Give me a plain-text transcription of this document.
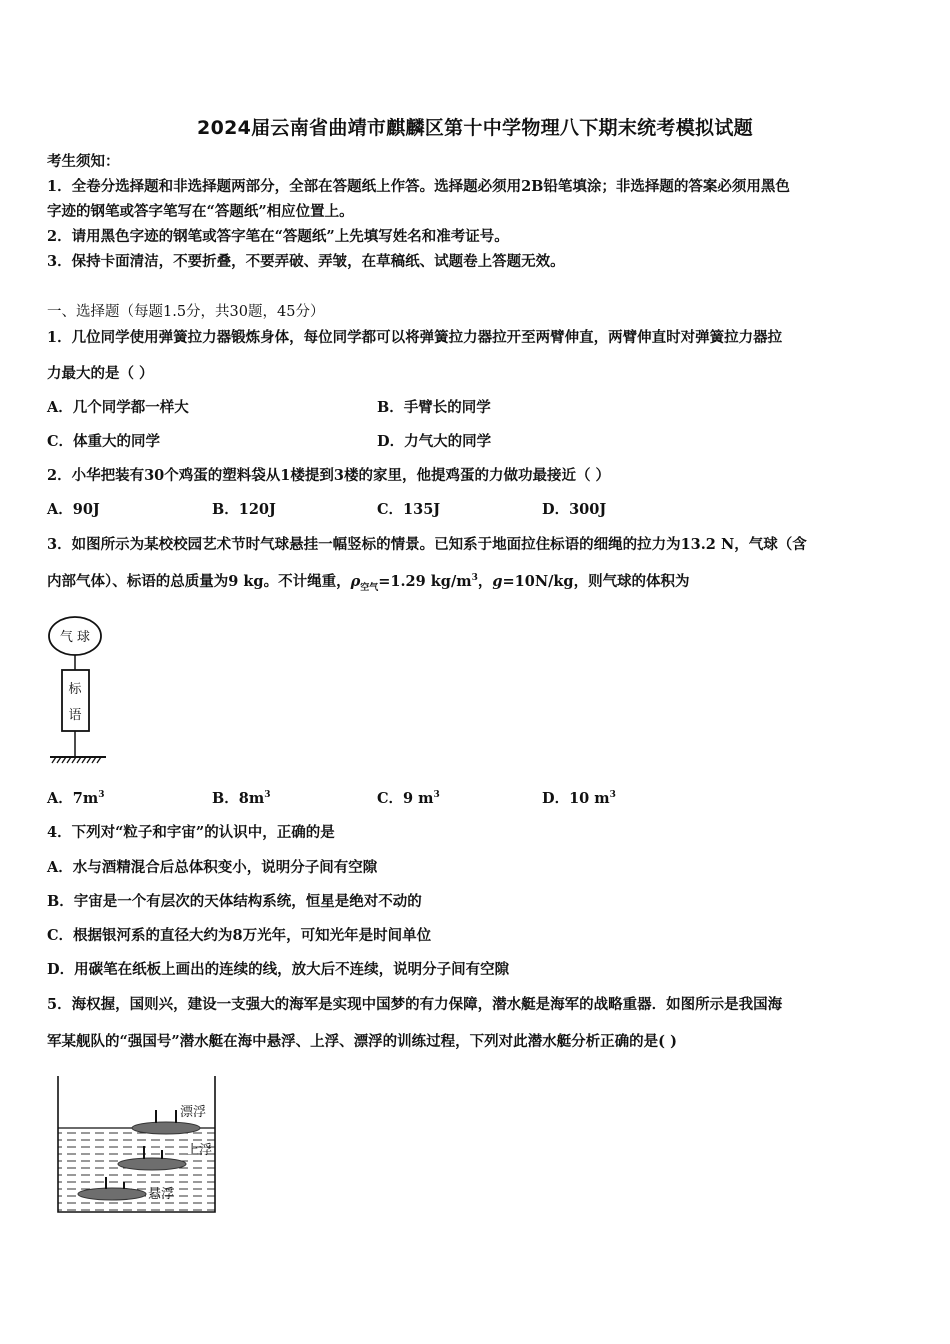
2024届云南省曲靖市麒麟区第十中学物理八下期末统考模拟试题
考生须知：
1．全卷分选择题和非选择题两部分，全部在答题纸上作答。选择题必须用2B铅笔填涂；非选择题的答案必须用黑色
字迹的钢笔或答字笔写在“答题纸”相应位置上。
2．请用黑色字迹的钢笔或答字笔在“答题纸”上先填写姓名和准考证号。
3．保持卡面清洁，不要折叠，不要弄破、弄皱，在草稿纸、试题卷上答题无效。
一、选择题（每题1.5分，共30题，45分）
1．几位同学使用弹簧拉力器锻炼身体，每位同学都可以将弹簧拉力器拉开至两臂伸直，两臂伸直时对弹簧拉力器拉
力最大的是（ ）
A．几个同学都一样大	B．手臂长的同学
C．体重大的同学	D．力气大的同学
2．小华把装有30个鸡蛋的塑料袋从1楼提到3楼的家里，他提鸡蛋的力做功最接近（ ）
A．90J	B．120J	C．135J	D．300J
3．如图所示为某校校园艺术节时气球悬挂一幅竖标的情景。已知系于地面拉住标语的细绳的拉力为13.2 N，气球（含
内部气体）、标语的总质量为9 kg。不计绳重，$\rho_{空气}=1.29$ $kg/m^3$，g=10N/kg，则气球的体积为
气 球
标
语
A．$7m^3$	B．$8m^3$	C．9 $m^3$	D．10 $m^3$
4．下列对“粒子和宇宙”的认识中，正确的是
A．水与酒精混合后总体积变小，说明分子间有空隙
B．宇宙是一个有层次的天体结构系统，恒星是绝对不动的
C．根据银河系的直径大约为8万光年，可知光年是时间单位
D．用碳笔在纸板上画出的连续的线，放大后不连续，说明分子间有空隙
5．海权握，国则兴，建设一支强大的海军是实现中国梦的有力保障，潜水艇是海军的战略重器．如图所示是我国海
军某舰队的“强国号”潜水艇在海中悬浮、上浮、漂浮的训练过程，下列对此潜水艇分析正确的是( )
漂浮
上浮
悬浮
